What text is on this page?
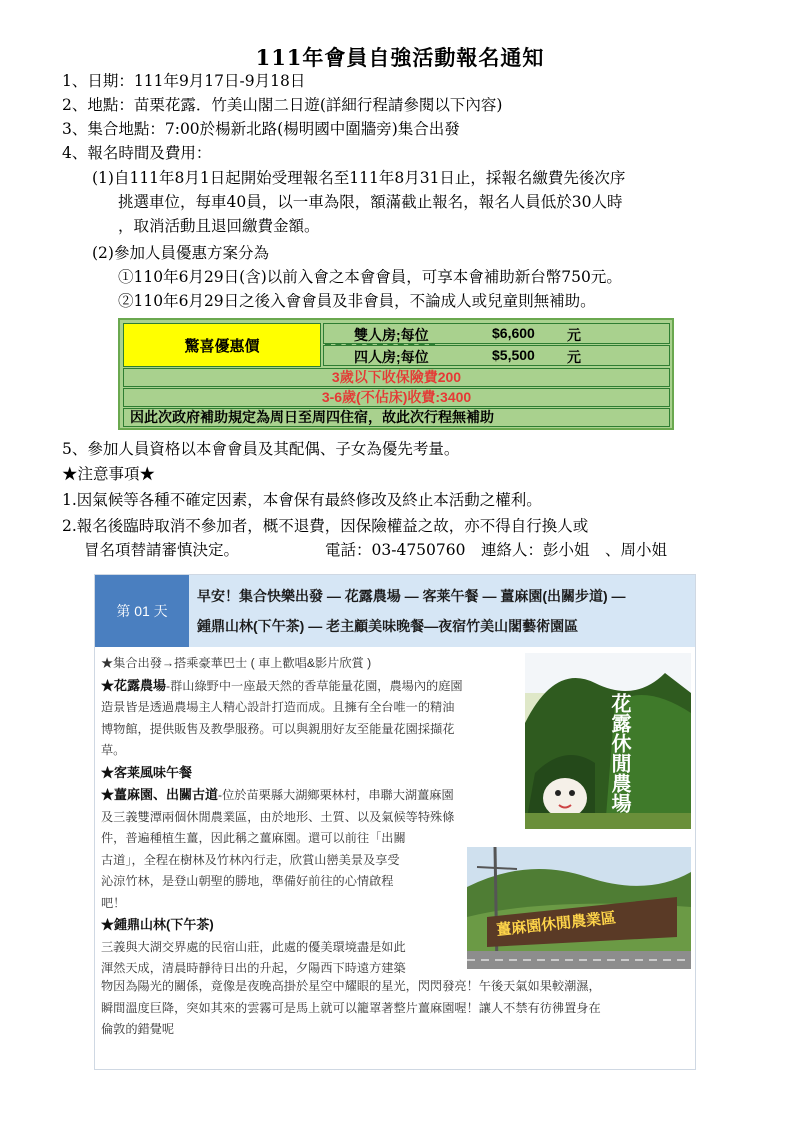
111年會員自強活動報名通知
1、日期：111年9月17日-9月18日
2、地點：苗栗花露．竹美山閣二日遊(詳細行程請參閱以下內容)
3、集合地點：7:00於楊新北路(楊明國中圍牆旁)集合出發
4、報名時間及費用：
(1)自111年8月1日起開始受理報名至111年8月31日止，採報名繳費先後次序
挑選車位，每車40員，以一車為限，額滿截止報名，報名人員低於30人時
，取消活動且退回繳費金額。
(2)參加人員優惠方案分為
①110年6月29日(含)以前入會之本會會員，可享本會補助新台幣750元。
②110年6月29日之後入會會員及非會員，不論成人或兒童則無補助。
驚喜優惠價
雙人房;每位	$6,600 元
四人房;每位	$5,500 元
3歲以下收保險費200
3-6歲(不佔床)收費:3400
因此次政府補助規定為周日至周四住宿，故此次行程無補助
5、參加人員資格以本會會員及其配偶、子女為優先考量。
★注意事項★
1.因氣候等各種不確定因素，本會保有最終修改及終止本活動之權利。
2.報名後臨時取消不參加者，概不退費，因保險權益之故，亦不得自行換人或
冒名項替請審慎決定。	電話：03-4750760　連絡人：彭小姐　、周小姐
第 01 天
早安！集合快樂出發 — 花露農場 — 客莱午餐 — 薑麻園(出關步道) —
鍾鼎山林(下午茶) — 老主顧美味晚餐—夜宿竹美山閣藝術園區
★集合出發→搭乘豪華巴士 ( 車上歡唱&影片欣賞 )
★花露農場-群山綠野中一座最天然的香草能量花園，農場內的庭園
造景皆是透過農場主人精心設計打造而成。且擁有全台唯一的精油
博物館，提供販售及教學服務。可以與親朋好友至能量花園採擷花
草。
★客莱風味午餐
★薑麻園、出關古道-位於苗栗縣大湖鄉栗林村，串聯大湖薑麻園
及三義雙潭兩個休閒農業區，由於地形、土質、以及氣候等特殊條
件，普遍種植生薑，因此稱之薑麻園。還可以前往「出關
古道」，全程在樹林及竹林內行走，欣賞山巒美景及享受
沁涼竹林，是登山朝聖的勝地，準備好前往的心情啟程
吧！
★鍾鼎山林(下午茶)
三義與大湖交界處的民宿山莊，此處的優美環境盡是如此
渾然天成，清晨時靜待日出的升起，夕陽西下時遠方建築
物因為陽光的關係，竟像是夜晚高掛於星空中耀眼的星光，閃閃發亮！午後天氣如果較潮濕，
瞬間溫度巨降，突如其來的雲霧可是馬上就可以籠罩著整片薑麻園喔！讓人不禁有彷彿置身在
倫敦的錯覺呢
花露休閒農場
薑麻園休閒農業區
